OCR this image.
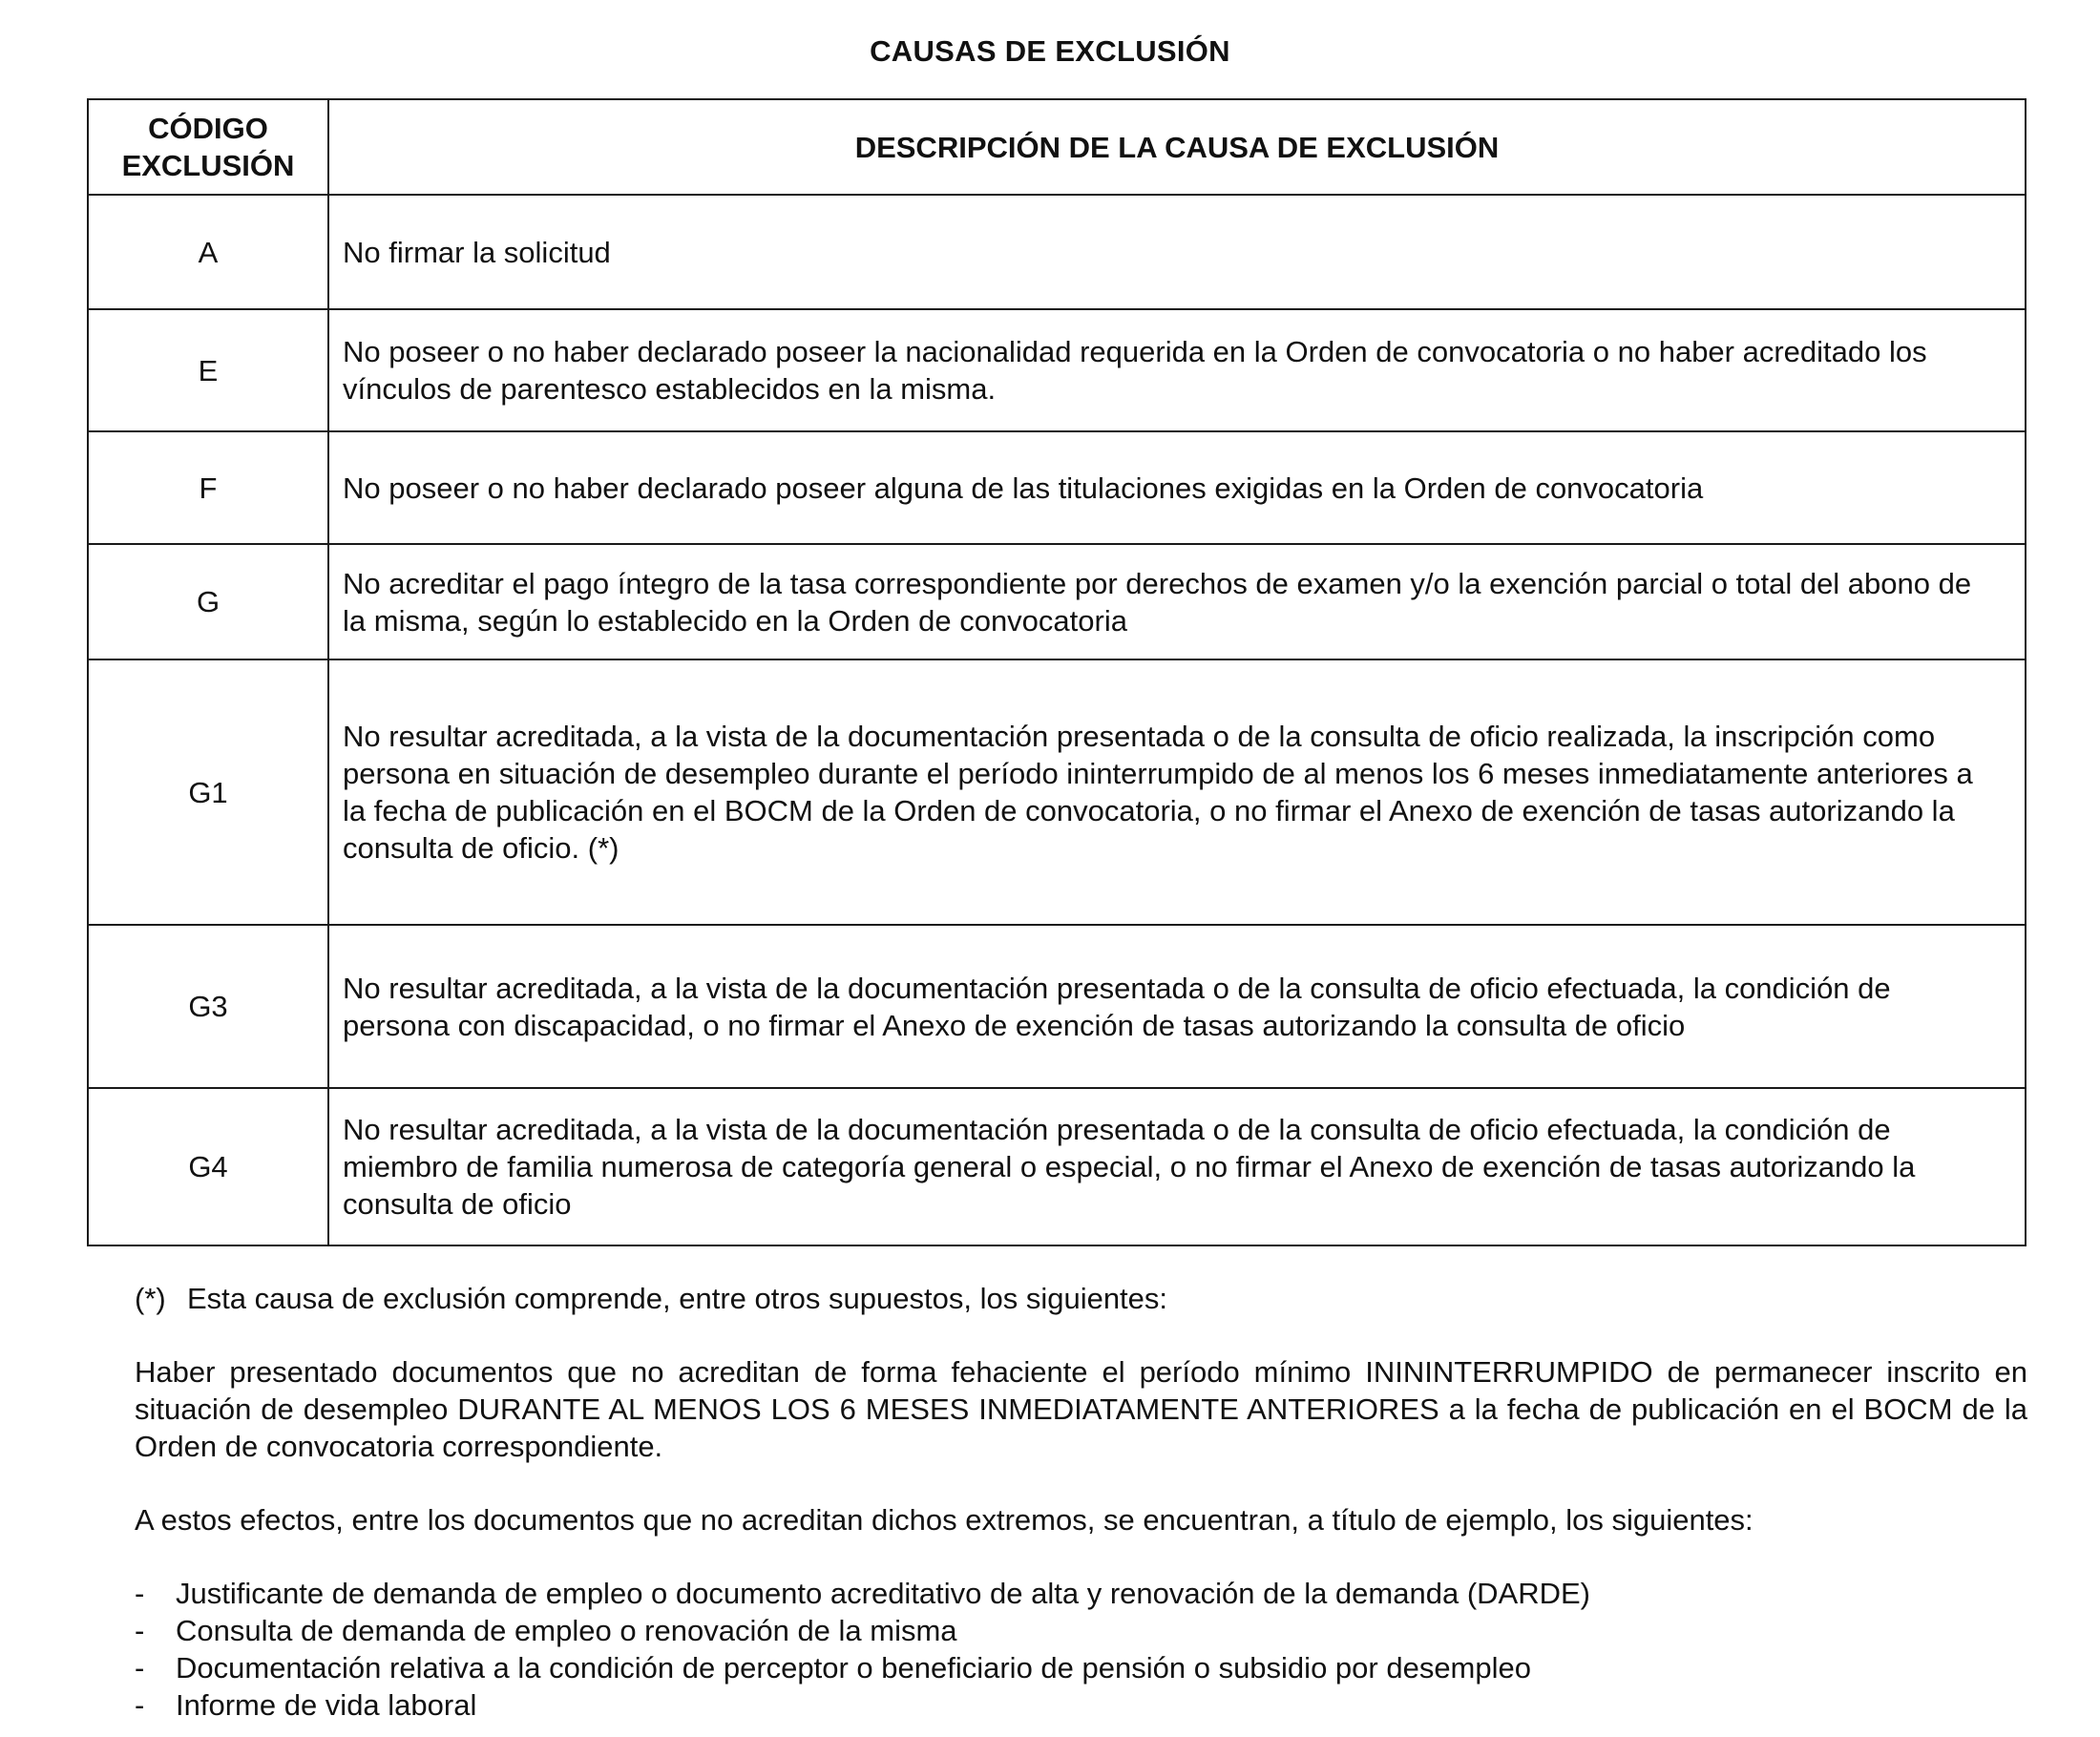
CAUSAS DE EXCLUSIÓN
CÓDIGO
EXCLUSIÓN	DESCRIPCIÓN DE LA CAUSA DE EXCLUSIÓN
A	No firmar la solicitud
E	No poseer o no haber declarado poseer la nacionalidad requerida en la Orden de convocatoria o no haber acreditado los vínculos de parentesco establecidos en la misma.
F	No poseer o no haber declarado poseer alguna de las titulaciones exigidas en la Orden de convocatoria
G	No acreditar el pago íntegro de la tasa correspondiente por derechos de examen y/o la exención parcial o total del abono de la misma, según lo establecido en la Orden de convocatoria
G1	No resultar acreditada, a la vista de la documentación presentada o de la consulta de oficio realizada, la inscripción como persona en situación de desempleo durante el período ininterrumpido de al menos los 6 meses inmediatamente anteriores a la fecha de publicación en el BOCM de la Orden de convocatoria, o no firmar el Anexo de exención de tasas autorizando la consulta de oficio. (*)
G3	No resultar acreditada, a la vista de la documentación presentada o de la consulta de oficio efectuada, la condición de persona con discapacidad, o no firmar el Anexo de exención de tasas autorizando la consulta de oficio
G4	No resultar acreditada, a la vista de la documentación presentada o de la consulta de oficio efectuada, la condición de miembro de familia numerosa de categoría general o especial, o no firmar el Anexo de exención de tasas autorizando la consulta de oficio

(*) Esta causa de exclusión comprende, entre otros supuestos, los siguientes:

Haber presentado documentos que no acreditan de forma fehaciente el período mínimo INININTERRUMPIDO de permanecer inscrito en situación de desempleo DURANTE AL MENOS LOS 6 MESES INMEDIATAMENTE ANTERIORES a la fecha de publicación en el BOCM de la Orden de convocatoria correspondiente.

A estos efectos, entre los documentos que no acreditan dichos extremos, se encuentran, a título de ejemplo, los siguientes:

- Justificante de demanda de empleo o documento acreditativo de alta y renovación de la demanda (DARDE)
- Consulta de demanda de empleo o renovación de la misma
- Documentación relativa a la condición de perceptor o beneficiario de pensión o subsidio por desempleo
- Informe de vida laboral
